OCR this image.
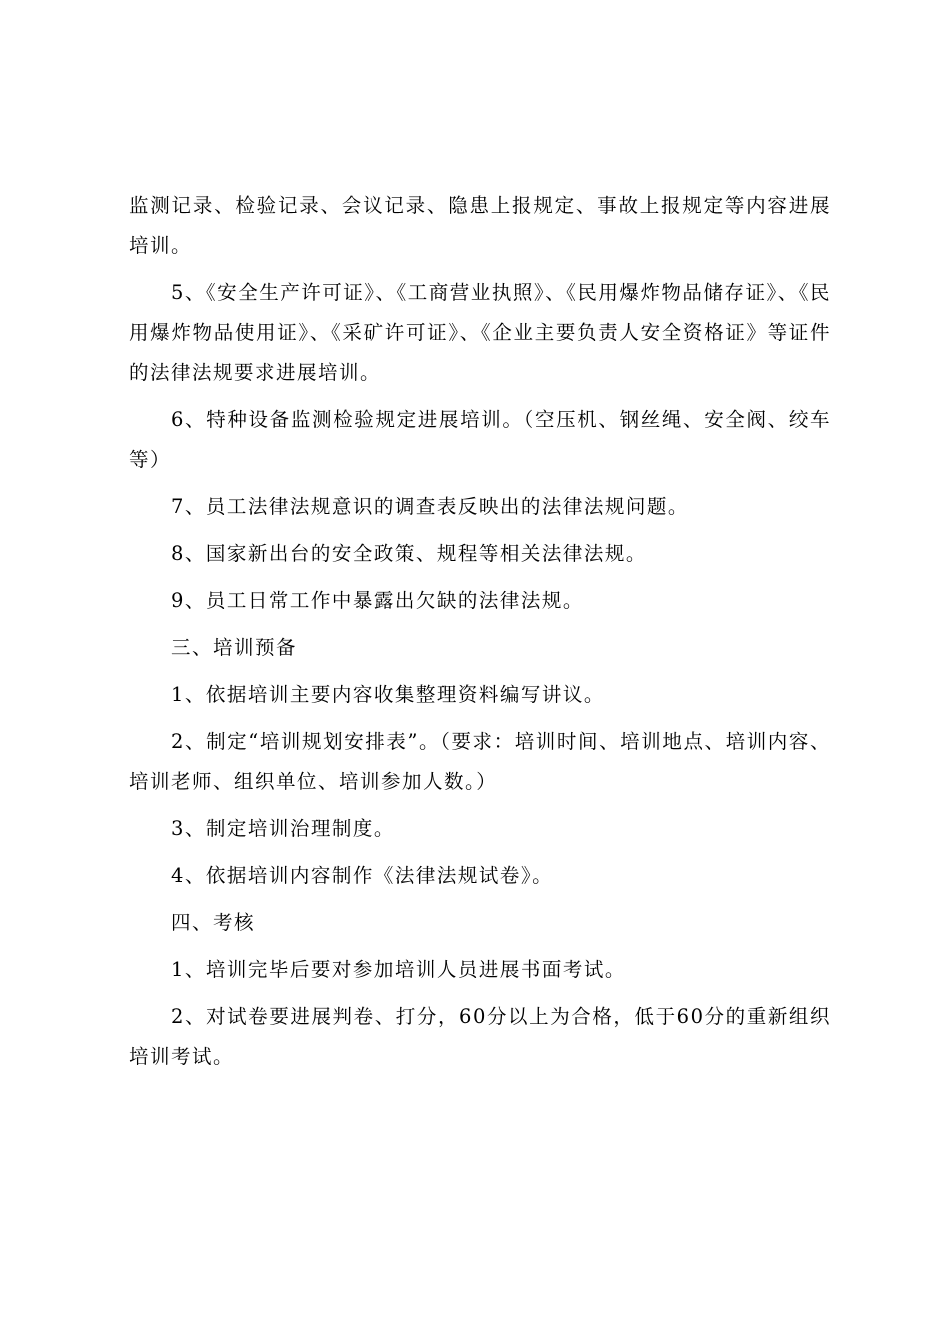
监测记录、检验记录、会议记录、隐患上报规定、事故上报规定等内容进展培训。

5、《安全生产许可证》、《工商营业执照》、《民用爆炸物品储存证》、《民用爆炸物品使用证》、《采矿许可证》、《企业主要负责人安全资格证》等证件的法律法规要求进展培训。

6、特种设备监测检验规定进展培训。（空压机、钢丝绳、安全阀、绞车等）

7、员工法律法规意识的调查表反映出的法律法规问题。

8、国家新出台的安全政策、规程等相关法律法规。

9、员工日常工作中暴露出欠缺的法律法规。

三、培训预备

1、依据培训主要内容收集整理资料编写讲议。

2、制定“培训规划安排表”。（要求：培训时间、培训地点、培训内容、培训老师、组织单位、培训参加人数。）

3、制定培训治理制度。

4、依据培训内容制作《法律法规试卷》。

四、考核

1、培训完毕后要对参加培训人员进展书面考试。

2、对试卷要进展判卷、打分，60分以上为合格，低于60分的重新组织培训考试。
